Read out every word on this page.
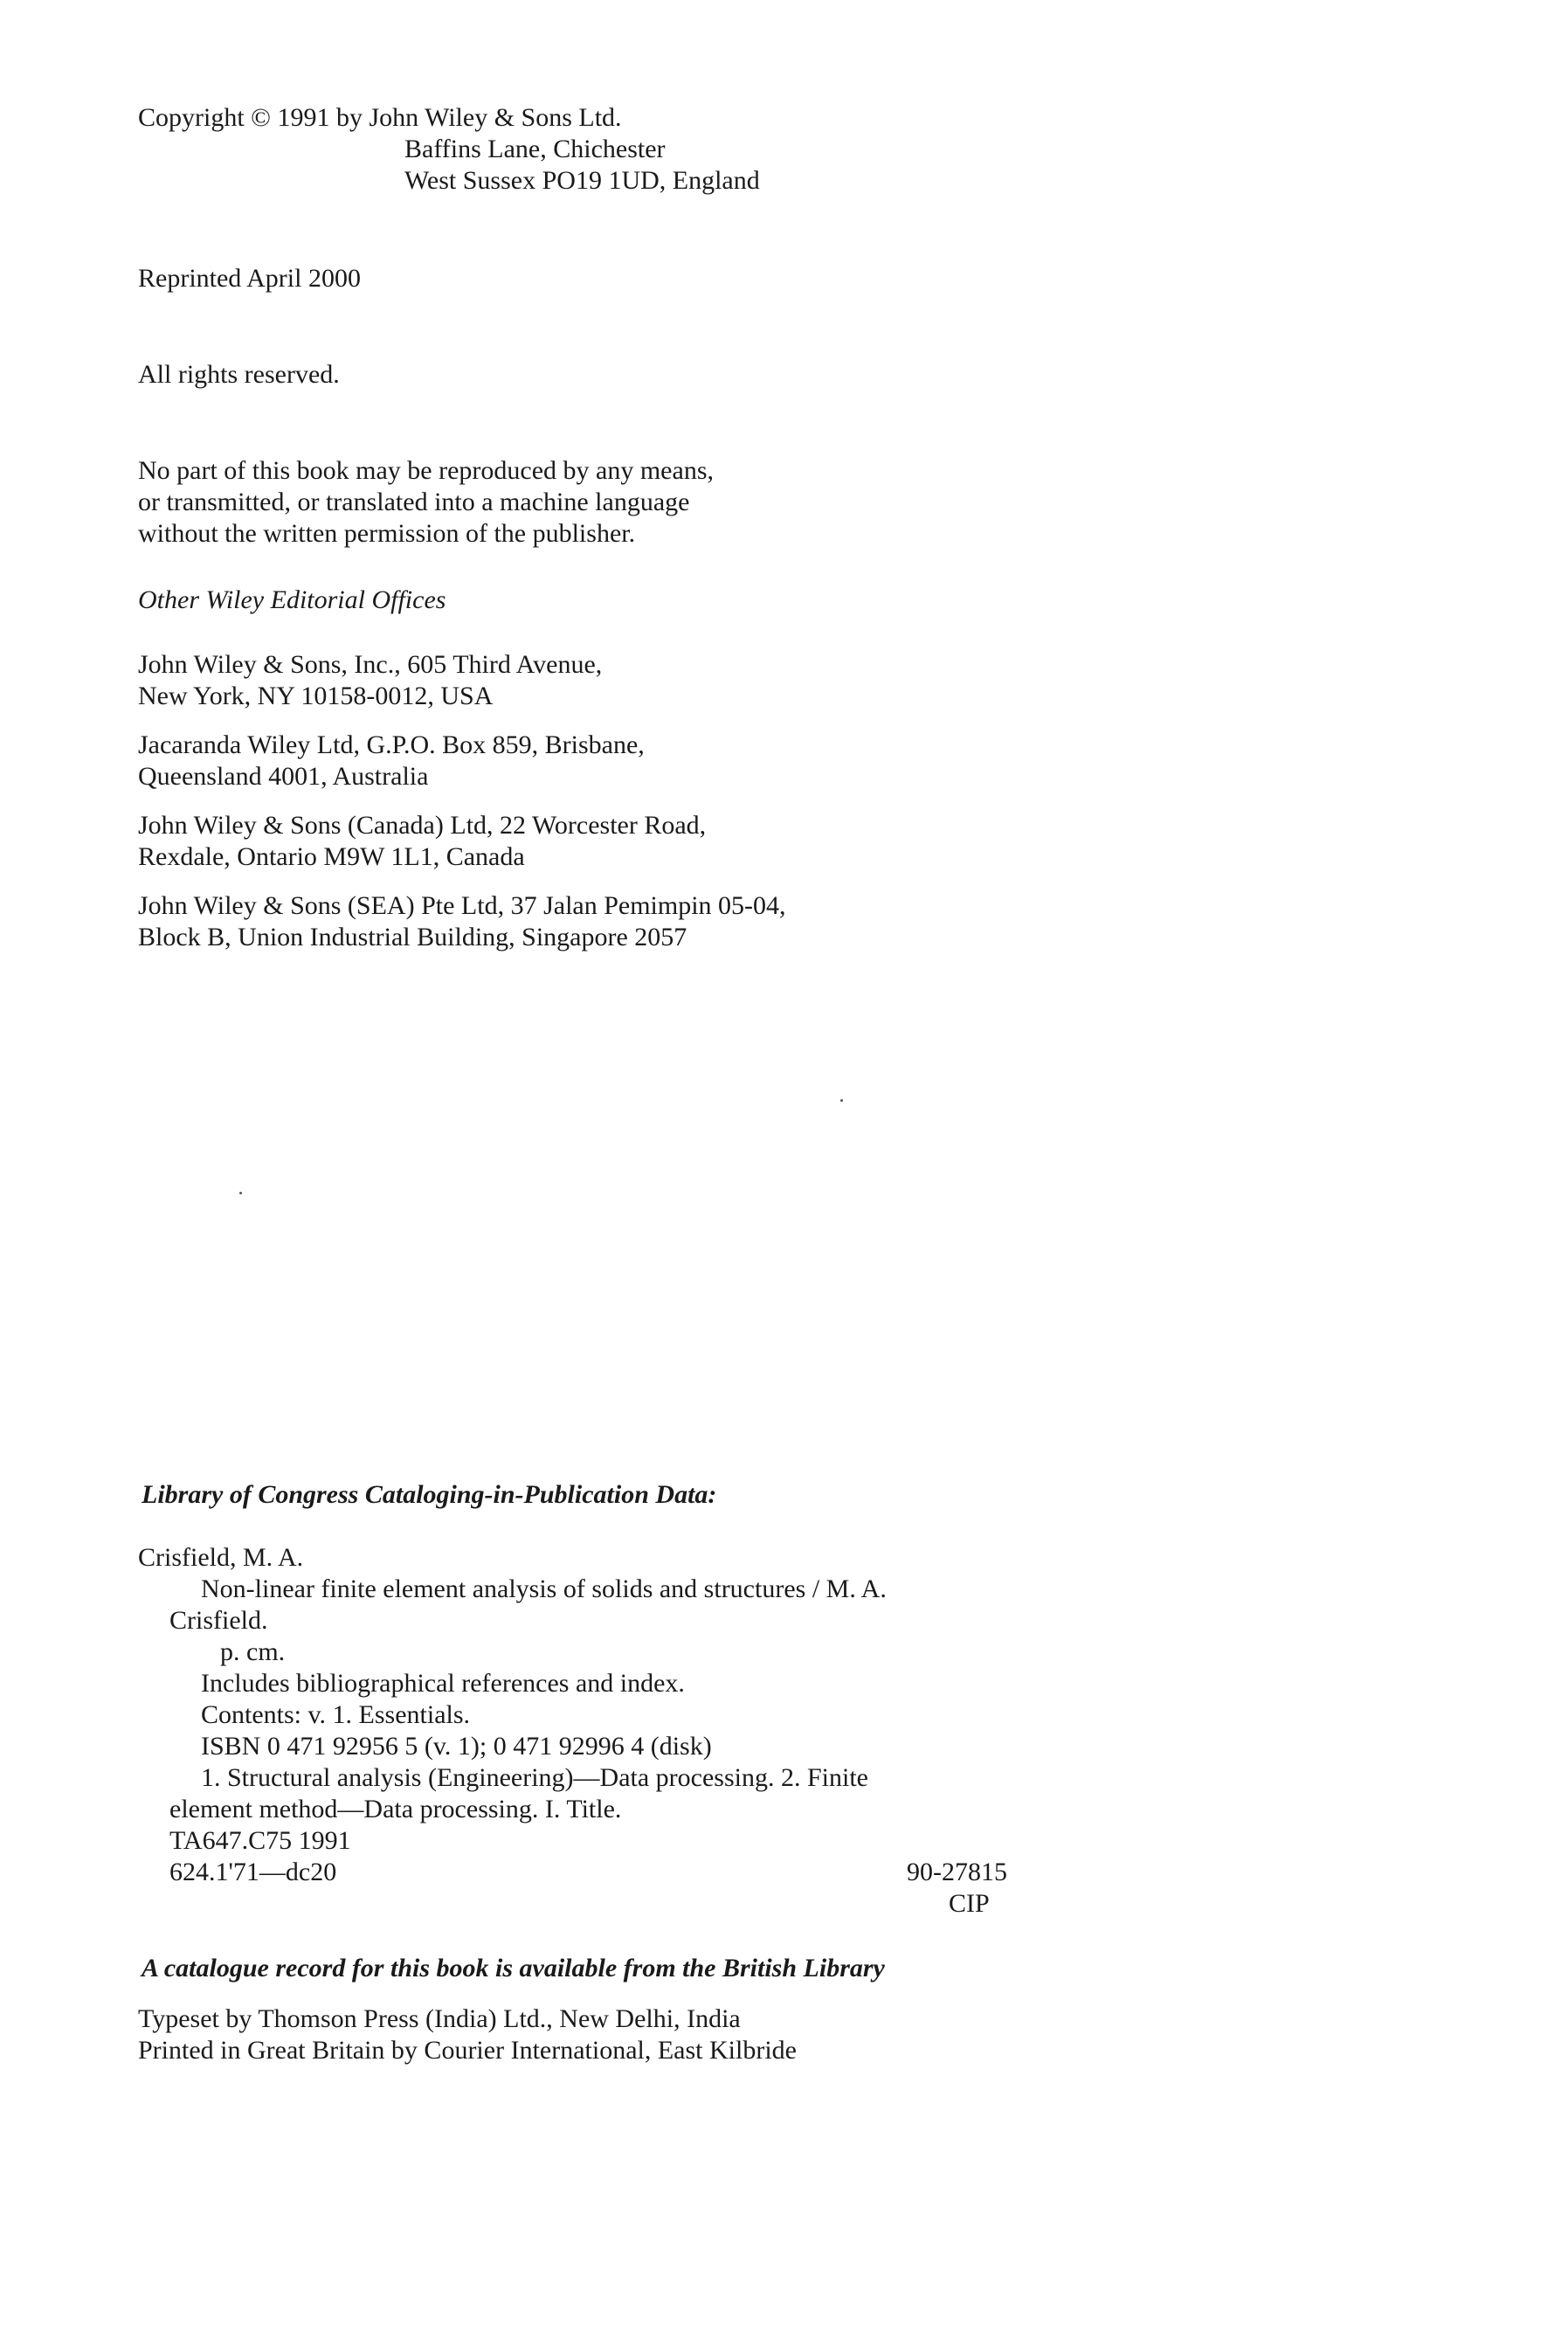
Copyright © 1991 by John Wiley & Sons Ltd.
Baffins Lane, Chichester
West Sussex PO19 1UD, England
Reprinted April 2000
All rights reserved.
No part of this book may be reproduced by any means,
or transmitted, or translated into a machine language
without the written permission of the publisher.
Other Wiley Editorial Offices
John Wiley & Sons, Inc., 605 Third Avenue,
New York, NY 10158-0012, USA
Jacaranda Wiley Ltd, G.P.O. Box 859, Brisbane,
Queensland 4001, Australia
John Wiley & Sons (Canada) Ltd, 22 Worcester Road,
Rexdale, Ontario M9W 1L1, Canada
John Wiley & Sons (SEA) Pte Ltd, 37 Jalan Pemimpin 05-04,
Block B, Union Industrial Building, Singapore 2057
Library of Congress Cataloging-in-Publication Data:
Crisfield, M. A.
Non-linear finite element analysis of solids and structures / M. A.
Crisfield.
p. cm.
Includes bibliographical references and index.
Contents: v. 1. Essentials.
ISBN 0 471 92956 5 (v. 1); 0 471 92996 4 (disk)
1. Structural analysis (Engineering)—Data processing. 2. Finite
element method—Data processing. I. Title.
TA647.C75 1991
624.1'71—dc20	90-27815
CIP
A catalogue record for this book is available from the British Library
Typeset by Thomson Press (India) Ltd., New Delhi, India
Printed in Great Britain by Courier International, East Kilbride
